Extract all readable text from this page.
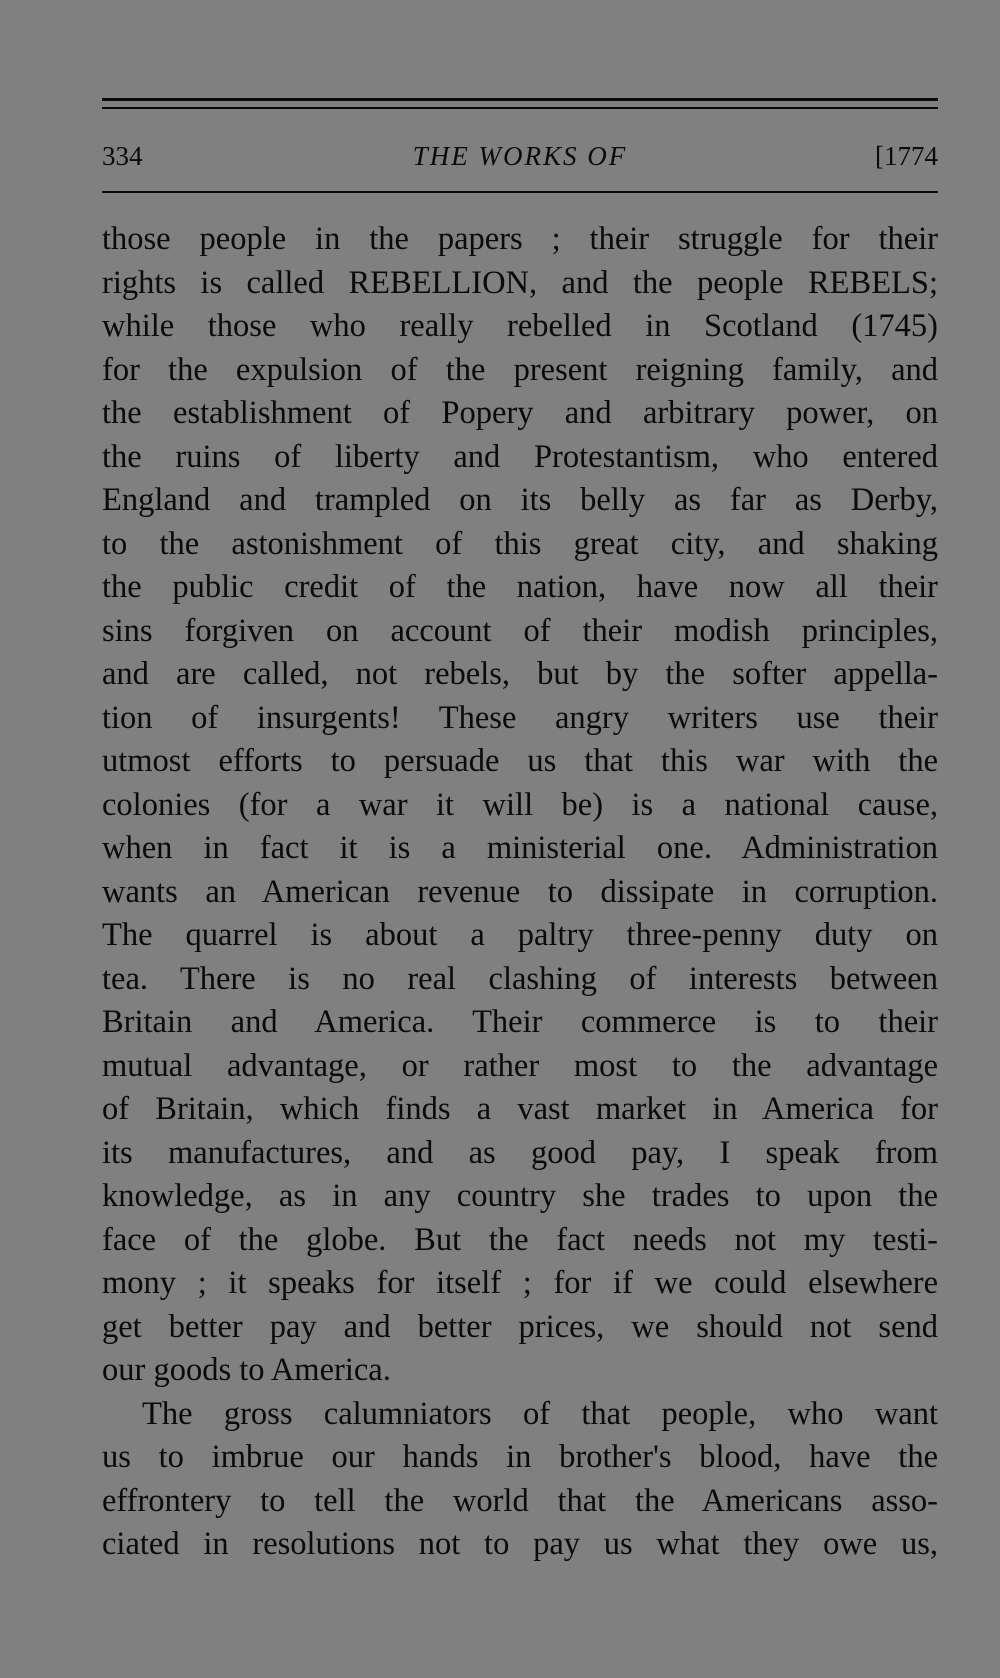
334	THE WORKS OF	[1774
those people in the papers ; their struggle for their
rights is called REBELLION, and the people REBELS;
while those who really rebelled in Scotland (1745)
for the expulsion of the present reigning family, and
the establishment of Popery and arbitrary power, on
the ruins of liberty and Protestantism, who entered
England and trampled on its belly as far as Derby,
to the astonishment of this great city, and shaking
the public credit of the nation, have now all their
sins forgiven on account of their modish principles,
and are called, not rebels, but by the softer appella-
tion of insurgents! These angry writers use their
utmost efforts to persuade us that this war with the
colonies (for a war it will be) is a national cause,
when in fact it is a ministerial one. Administration
wants an American revenue to dissipate in corruption.
The quarrel is about a paltry three-penny duty on
tea. There is no real clashing of interests between
Britain and America. Their commerce is to their
mutual advantage, or rather most to the advantage
of Britain, which finds a vast market in America for
its manufactures, and as good pay, I speak from
knowledge, as in any country she trades to upon the
face of the globe. But the fact needs not my testi-
mony ; it speaks for itself ; for if we could elsewhere
get better pay and better prices, we should not send
our goods to America.
The gross calumniators of that people, who want
us to imbrue our hands in brother's blood, have the
effrontery to tell the world that the Americans asso-
ciated in resolutions not to pay us what they owe us,
